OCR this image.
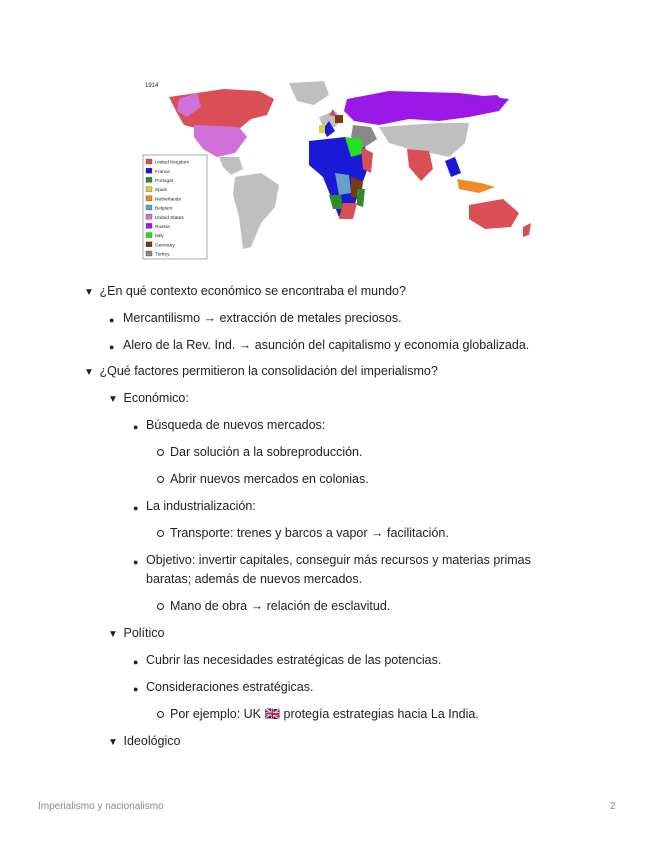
1914
United Kingdom
France
Portugal
Spain
Netherlands
Belgium
United States
Russia
Italy
Germany
Turkey
▼ ¿En qué contexto económico se encontraba el mundo?
● Mercantilismo → extracción de metales preciosos.
● Alero de la Rev. Ind. → asunción del capitalismo y economía globalizada.
▼ ¿Qué factores permitieron la consolidación del imperialismo?
▼ Económico:
● Búsqueda de nuevos mercados:
Dar solución a la sobreproducción.
Abrir nuevos mercados en colonias.
● La industrialización:
Transporte: trenes y barcos a vapor → facilitación.
● Objetivo: invertir capitales, conseguir más recursos y materias primas
baratas; además de nuevos mercados.
Mano de obra → relación de esclavitud.
▼ Político
● Cubrir las necesidades estratégicas de las potencias.
● Consideraciones estratégicas.
Por ejemplo: UK 🇬🇧 protegía estrategias hacia La India.
▼ Ideológico
Imperialismo y nacionalismo	2
